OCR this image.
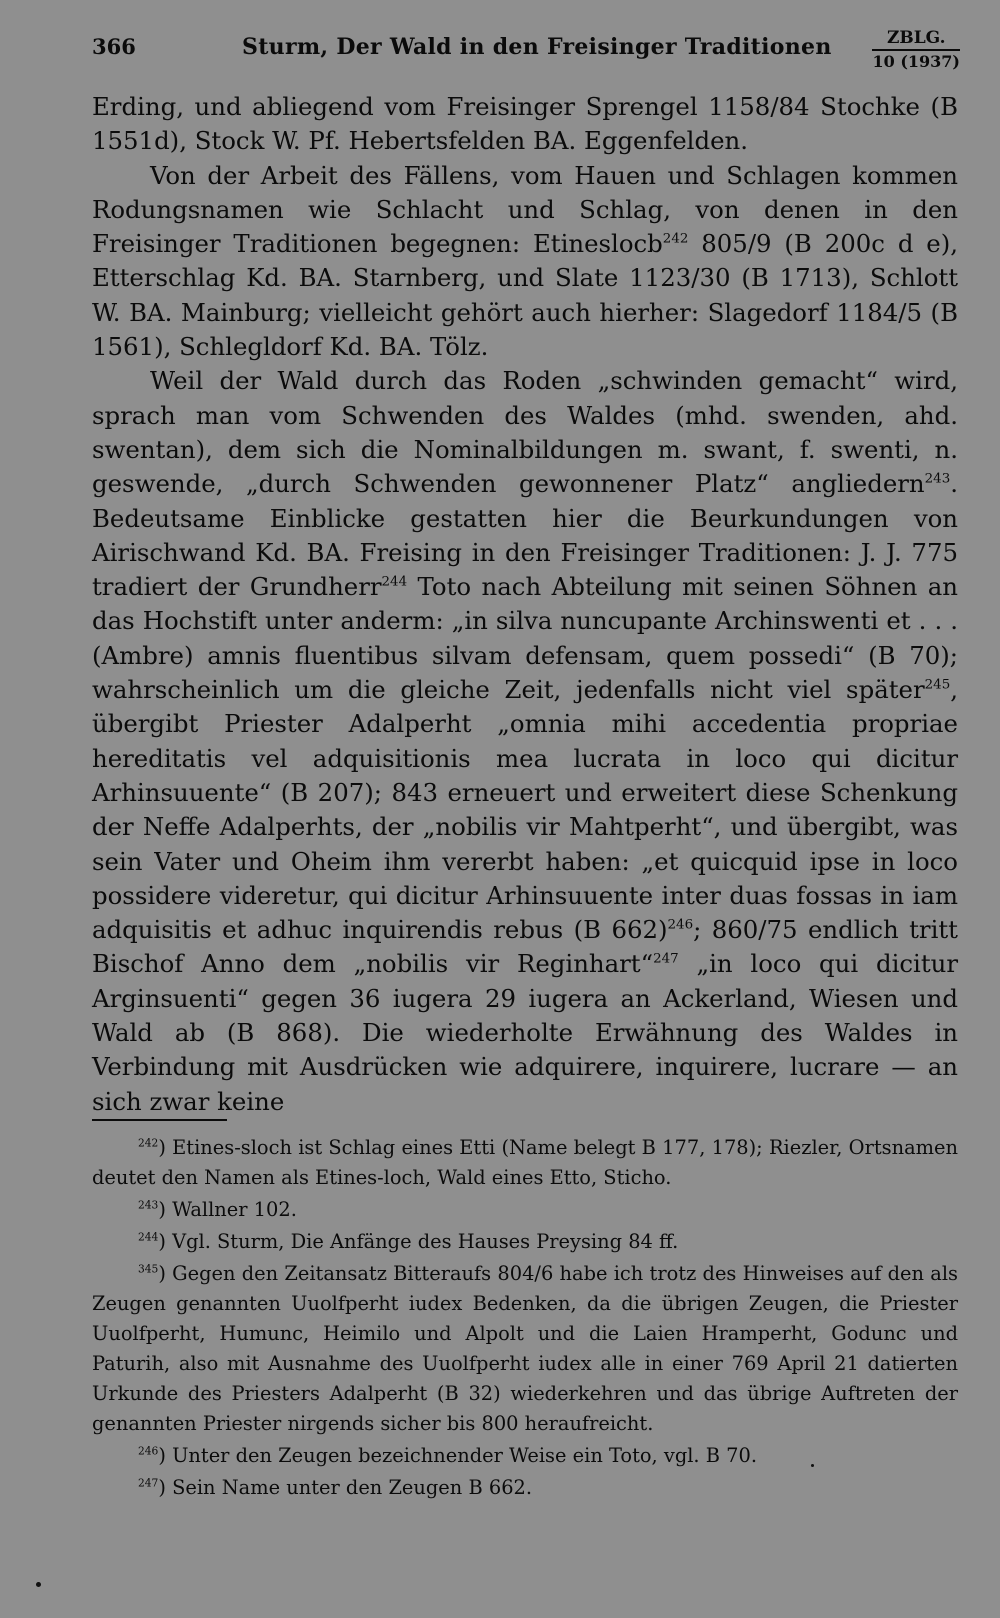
366	Sturm, Der Wald in den Freisinger Traditionen	ZBLG.
10 (1937)

Erding, und abliegend vom Freisinger Sprengel 1158/84 Stochke (B 1551d), Stock W. Pf. Hebertsfelden BA. Eggenfelden.

Von der Arbeit des Fällens, vom Hauen und Schlagen kommen Rodungsnamen wie Schlacht und Schlag, von denen in den Freisinger Traditionen begegnen: Etineslocb$^{242}$ 805/9 (B 200c d e), Etterschlag Kd. BA. Starnberg, und Slate 1123/30 (B 1713), Schlott W. BA. Mainburg; vielleicht gehört auch hierher: Slagedorf 1184/5 (B 1561), Schlegldorf Kd. BA. Tölz.

Weil der Wald durch das Roden „schwinden gemacht“ wird, sprach man vom Schwenden des Waldes (mhd. swenden, ahd. swentan), dem sich die Nominalbildungen m. swant, f. swenti, n. geswende, „durch Schwenden gewonnener Platz“ angliedern$^{243}$. Bedeutsame Einblicke gestatten hier die Beurkundungen von Airischwand Kd. BA. Freising in den Freisinger Traditionen: J. J. 775 tradiert der Grundherr$^{244}$ Toto nach Abteilung mit seinen Söhnen an das Hochstift unter anderm: „in silva nuncupante Archinswenti et . . . (Ambre) amnis fluentibus silvam defensam, quem possedi“ (B 70); wahrscheinlich um die gleiche Zeit, jedenfalls nicht viel später$^{245}$, übergibt Priester Adalperht „omnia mihi accedentia propriae hereditatis vel adquisitionis mea lucrata in loco qui dicitur Arhinsuuente“ (B 207); 843 erneuert und erweitert diese Schenkung der Neffe Adalperhts, der „nobilis vir Mahtperht“, und übergibt, was sein Vater und Oheim ihm vererbt haben: „et quicquid ipse in loco possidere videretur, qui dicitur Arhinsuuente inter duas fossas in iam adquisitis et adhuc inquirendis rebus (B 662)$^{246}$; 860/75 endlich tritt Bischof Anno dem „nobilis vir Reginhart“$^{247}$ „in loco qui dicitur Arginsuenti“ gegen 36 iugera 29 iugera an Ackerland, Wiesen und Wald ab (B 868). Die wiederholte Erwähnung des Waldes in Verbindung mit Ausdrücken wie adquirere, inquirere, lucrare — an sich zwar keine

$^{242}$) Etines-sloch ist Schlag eines Etti (Name belegt B 177, 178); Riezler, Ortsnamen deutet den Namen als Etines-loch, Wald eines Etto, Sticho.

$^{243}$) Wallner 102.

$^{244}$) Vgl. Sturm, Die Anfänge des Hauses Preysing 84 ff.

$^{345}$) Gegen den Zeitansatz Bitteraufs 804/6 habe ich trotz des Hinweises auf den als Zeugen genannten Uuolfperht iudex Bedenken, da die übrigen Zeugen, die Priester Uuolfperht, Humunc, Heimilo und Alpolt und die Laien Hramperht, Godunc und Paturih, also mit Ausnahme des Uuolfperht iudex alle in einer 769 April 21 datierten Urkunde des Priesters Adalperht (B 32) wiederkehren und das übrige Auftreten der genannten Priester nirgends sicher bis 800 heraufreicht.

$^{246}$) Unter den Zeugen bezeichnender Weise ein Toto, vgl. B 70.

$^{247}$) Sein Name unter den Zeugen B 662.
